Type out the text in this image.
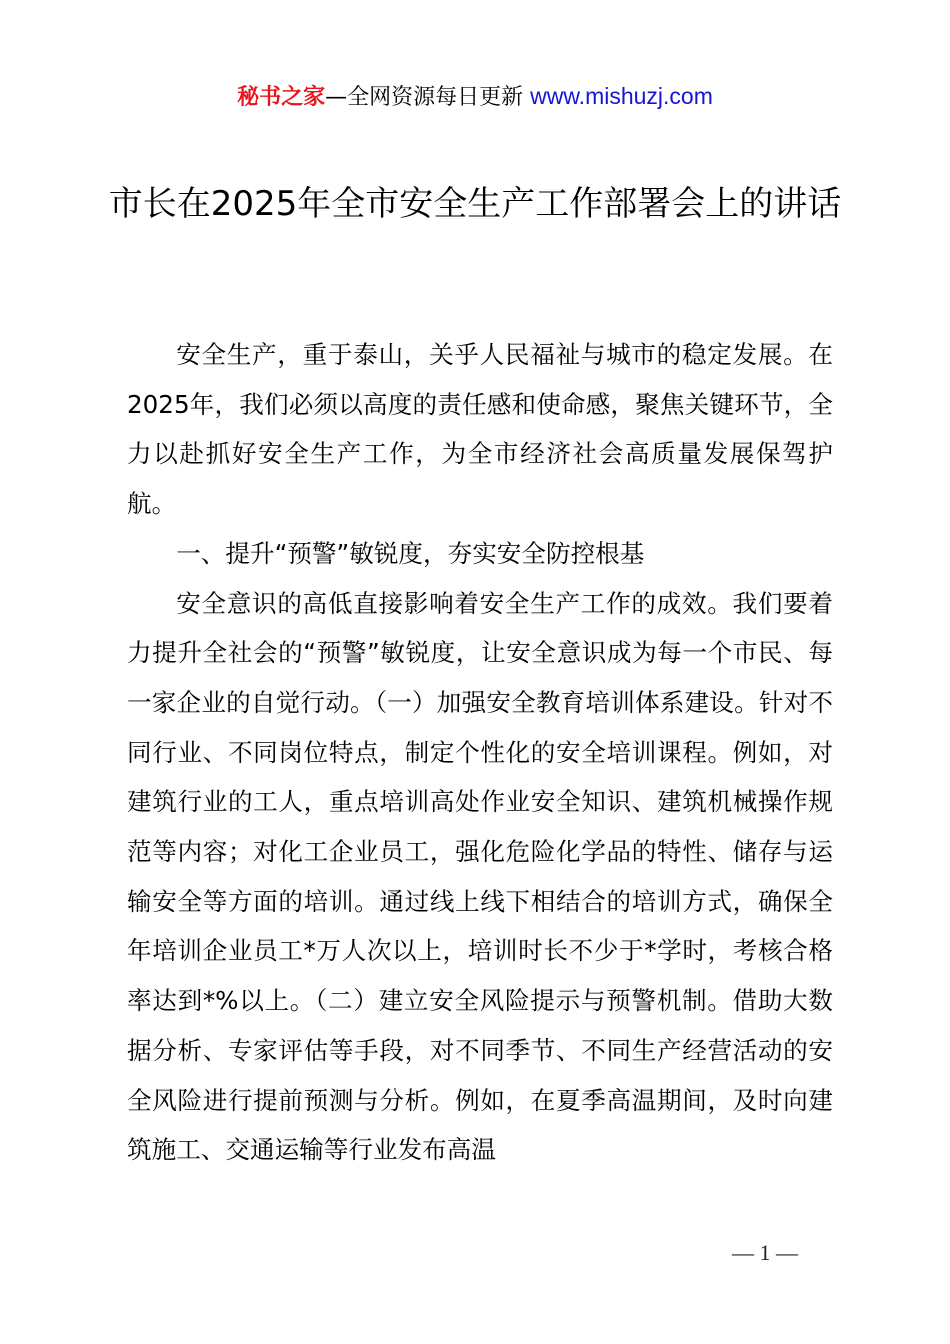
秘书之家—全网资源每日更新 www.mishuzj.com
市长在2025年全市安全生产工作部署会上的讲话

安全生产，重于泰山，关乎人民福祉与城市的稳定发展。在2025年，我们必须以高度的责任感和使命感，聚焦关键环节，全力以赴抓好安全生产工作，为全市经济社会高质量发展保驾护航。

一、提升“预警”敏锐度，夯实安全防控根基

安全意识的高低直接影响着安全生产工作的成效。我们要着力提升全社会的“预警”敏锐度，让安全意识成为每一个市民、每一家企业的自觉行动。（一）加强安全教育培训体系建设。针对不同行业、不同岗位特点，制定个性化的安全培训课程。例如，对建筑行业的工人，重点培训高处作业安全知识、建筑机械操作规范等内容；对化工企业员工，强化危险化学品的特性、储存与运输安全等方面的培训。通过线上线下相结合的培训方式，确保全年培训企业员工*万人次以上，培训时长不少于*学时，考核合格率达到*%以上。（二）建立安全风险提示与预警机制。借助大数据分析、专家评估等手段，对不同季节、不同生产经营活动的安全风险进行提前预测与分析。例如，在夏季高温期间，及时向建筑施工、交通运输等行业发布高温

— 1 —
